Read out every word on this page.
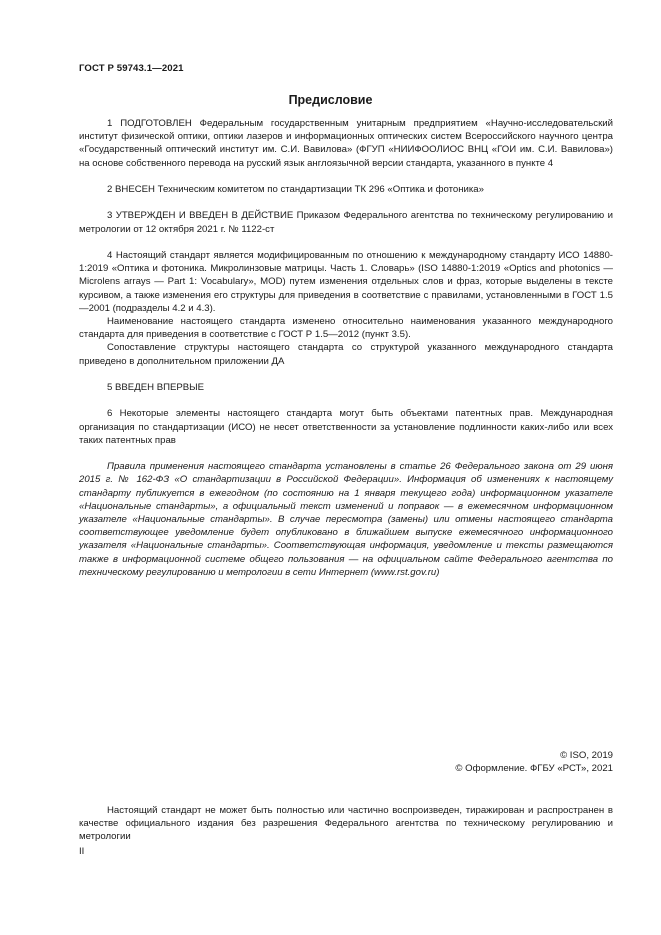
ГОСТ Р 59743.1—2021
Предисловие

1 ПОДГОТОВЛЕН Федеральным государственным унитарным предприятием «Научно-исследовательский институт физической оптики, оптики лазеров и информационных оптических систем Всероссийского научного центра «Государственный оптический институт им. С.И. Вавилова» (ФГУП «НИИФООЛИОС ВНЦ «ГОИ им. С.И. Вавилова») на основе собственного перевода на русский язык англоязычной версии стандарта, указанного в пункте 4

2 ВНЕСЕН Техническим комитетом по стандартизации ТК 296 «Оптика и фотоника»

3 УТВЕРЖДЕН И ВВЕДЕН В ДЕЙСТВИЕ Приказом Федерального агентства по техническому регулированию и метрологии от 12 октября 2021 г. № 1122-ст

4 Настоящий стандарт является модифицированным по отношению к международному стандарту ИСО 14880-1:2019 «Оптика и фотоника. Микролинзовые матрицы. Часть 1. Словарь» (ISO 14880-1:2019 «Optics and photonics — Microlens arrays — Part 1: Vocabulary», MOD) путем изменения отдельных слов и фраз, которые выделены в тексте курсивом, а также изменения его структуры для приведения в соответствие с правилами, установленными в ГОСТ 1.5—2001 (подразделы 4.2 и 4.3).

Наименование настоящего стандарта изменено относительно наименования указанного международного стандарта для приведения в соответствие с ГОСТ Р 1.5—2012 (пункт 3.5).

Сопоставление структуры настоящего стандарта со структурой указанного международного стандарта приведено в дополнительном приложении ДА

5 ВВЕДЕН ВПЕРВЫЕ

6 Некоторые элементы настоящего стандарта могут быть объектами патентных прав. Международная организация по стандартизации (ИСО) не несет ответственности за установление подлинности каких-либо или всех таких патентных прав

Правила применения настоящего стандарта установлены в статье 26 Федерального закона от 29 июня 2015 г. № 162-ФЗ «О стандартизации в Российской Федерации». Информация об изменениях к настоящему стандарту публикуется в ежегодном (по состоянию на 1 января текущего года) информационном указателе «Национальные стандарты», а официальный текст изменений и поправок — в ежемесячном информационном указателе «Национальные стандарты». В случае пересмотра (замены) или отмены настоящего стандарта соответствующее уведомление будет опубликовано в ближайшем выпуске ежемесячного информационного указателя «Национальные стандарты». Соответствующая информация, уведомление и тексты размещаются также в информационной системе общего пользования — на официальном сайте Федерального агентства по техническому регулированию и метрологии в сети Интернет (www.rst.gov.ru)

© ISO, 2019
© Оформление. ФГБУ «РСТ», 2021

Настоящий стандарт не может быть полностью или частично воспроизведен, тиражирован и распространен в качестве официального издания без разрешения Федерального агентства по техническому регулированию и метрологии

II
